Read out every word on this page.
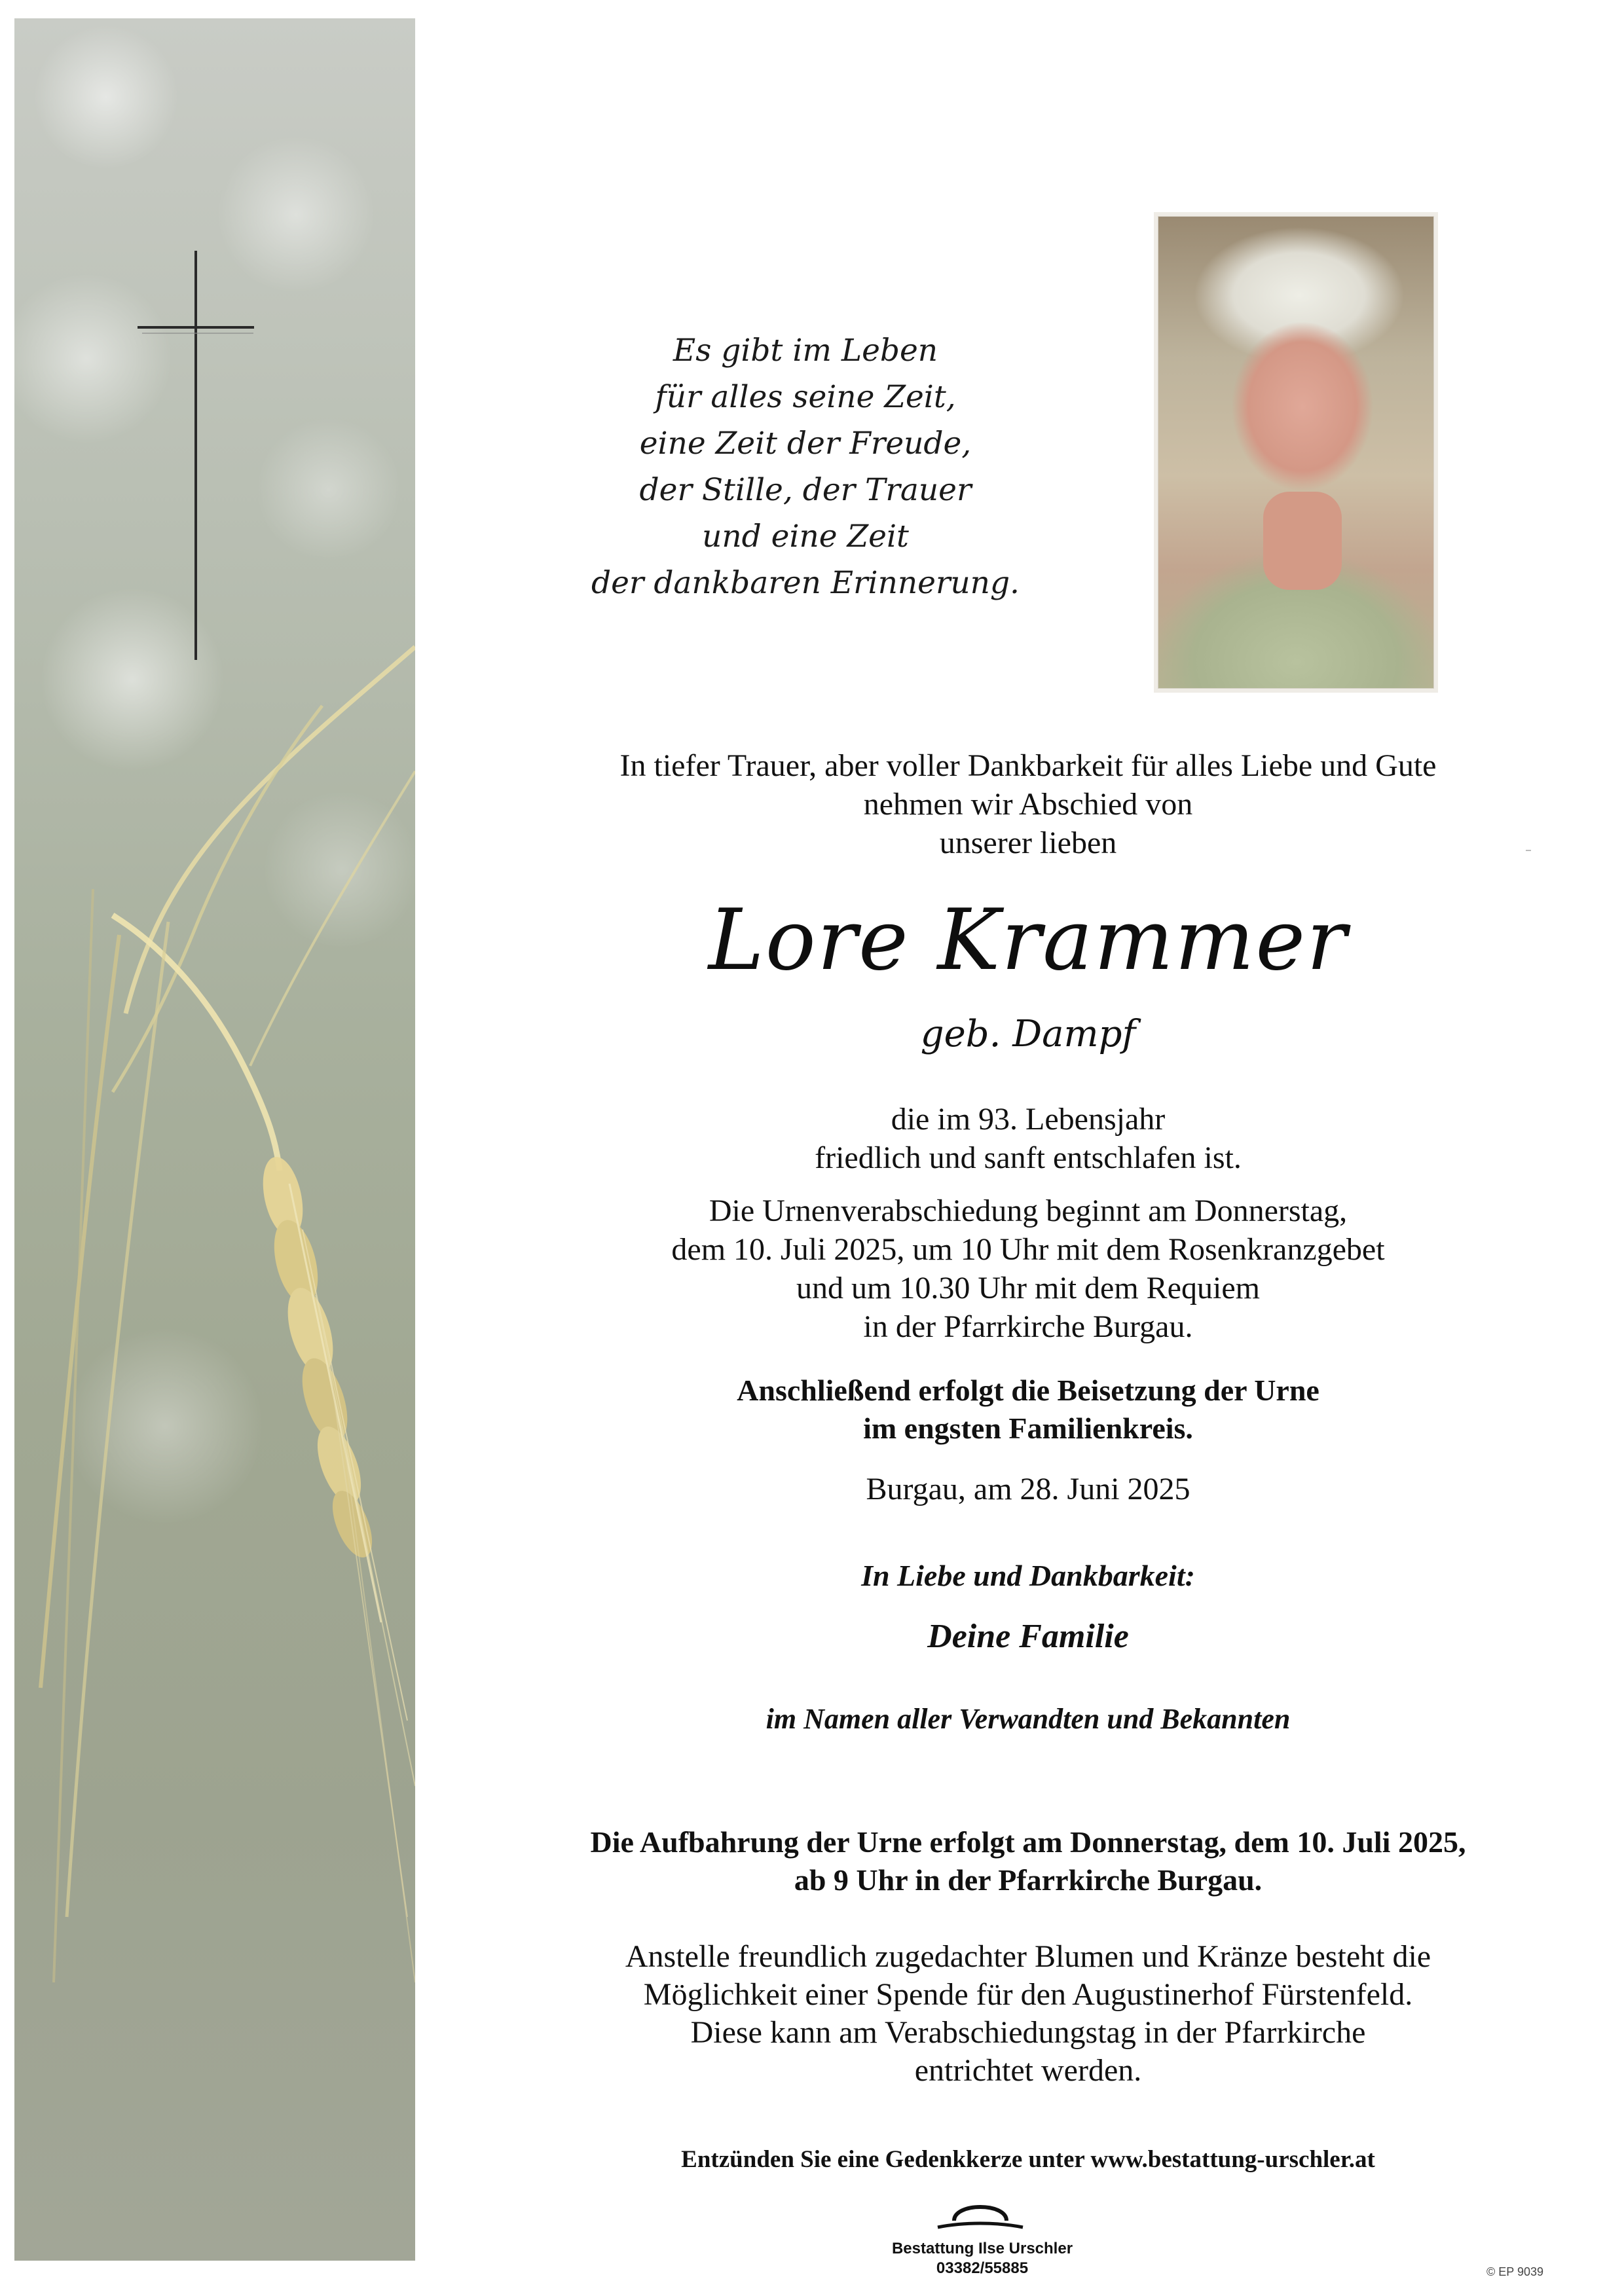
Es gibt im Leben
für alles seine Zeit,
eine Zeit der Freude,
der Stille, der Trauer
und eine Zeit
der dankbaren Erinnerung.

In tiefer Trauer, aber voller Dankbarkeit für alles Liebe und Gute
nehmen wir Abschied von
unserer lieben

Lore Krammer

geb. Dampf

die im 93. Lebensjahr
friedlich und sanft entschlafen ist.

Die Urnenverabschiedung beginnt am Donnerstag,
dem 10. Juli 2025, um 10 Uhr mit dem Rosenkranzgebet
und um 10.30 Uhr mit dem Requiem
in der Pfarrkirche Burgau.

Anschließend erfolgt die Beisetzung der Urne
im engsten Familienkreis.

Burgau, am 28. Juni 2025

In Liebe und Dankbarkeit:

Deine Familie

im Namen aller Verwandten und Bekannten

Die Aufbahrung der Urne erfolgt am Donnerstag, dem 10. Juli 2025,
ab 9 Uhr in der Pfarrkirche Burgau.

Anstelle freundlich zugedachter Blumen und Kränze besteht die
Möglichkeit einer Spende für den Augustinerhof Fürstenfeld.
Diese kann am Verabschiedungstag in der Pfarrkirche
entrichtet werden.

Entzünden Sie eine Gedenkkerze unter www.bestattung-urschler.at

Bestattung Ilse Urschler
03382/55885	© EP 9039
